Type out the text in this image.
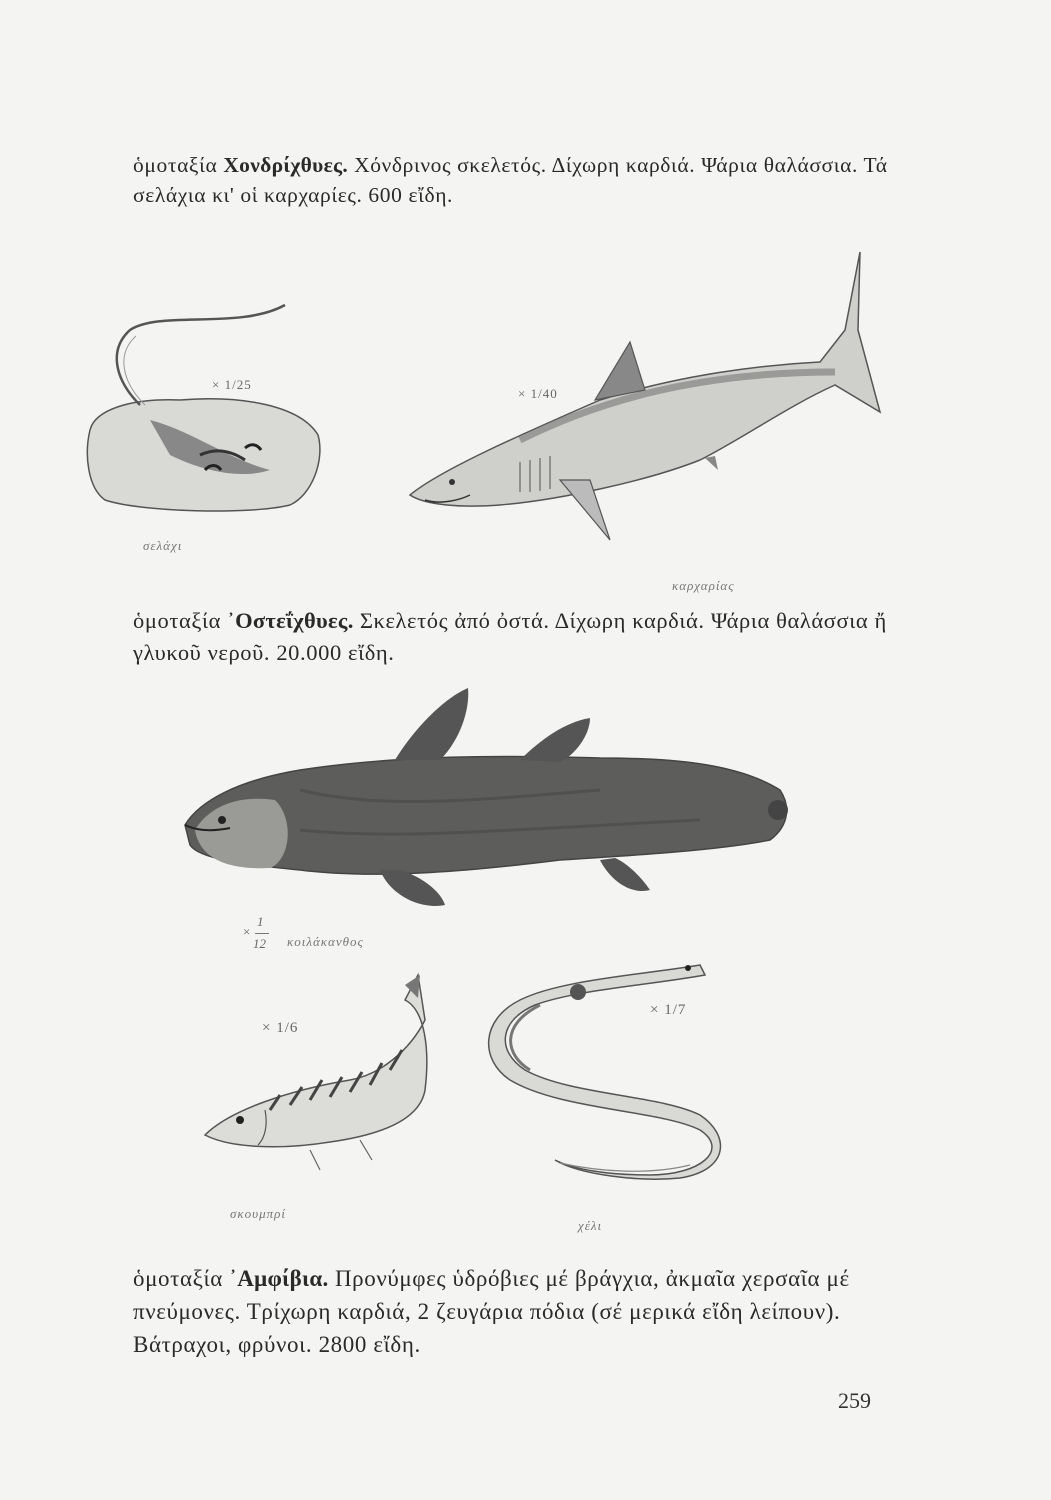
ὁμοταξία Χονδρίχθυες. Χόνδρινος σκελετός. Δίχωρη καρδιά. Ψάρια θαλάσσια. Τά σελάχια κι' οἱ καρχαρίες. 600 εἴδη.

× 1/25
× 1/40
σελάχι
καρχαρίας

ὁμοταξία ᾽Οστεΐχθυες. Σκελετός ἀπό ὀστά. Δίχωρη καρδιά. Ψάρια θαλάσσια ἤ γλυκοῦ νεροῦ. 20.000 εἴδη.

×
1
12 κοιλάκανθος
× 1/6
× 1/7
σκουμπρί
χέλι

ὁμοταξία ᾽Αμφίβια. Προνύμφες ὑδρόβιες μέ βράγχια, ἀκμαῖα χερσαῖα μέ πνεύμονες. Τρίχωρη καρδιά, 2 ζευγάρια πόδια (σέ μερικά εἴδη λείπουν). Βάτραχοι, φρύνοι. 2800 εἴδη.

259
